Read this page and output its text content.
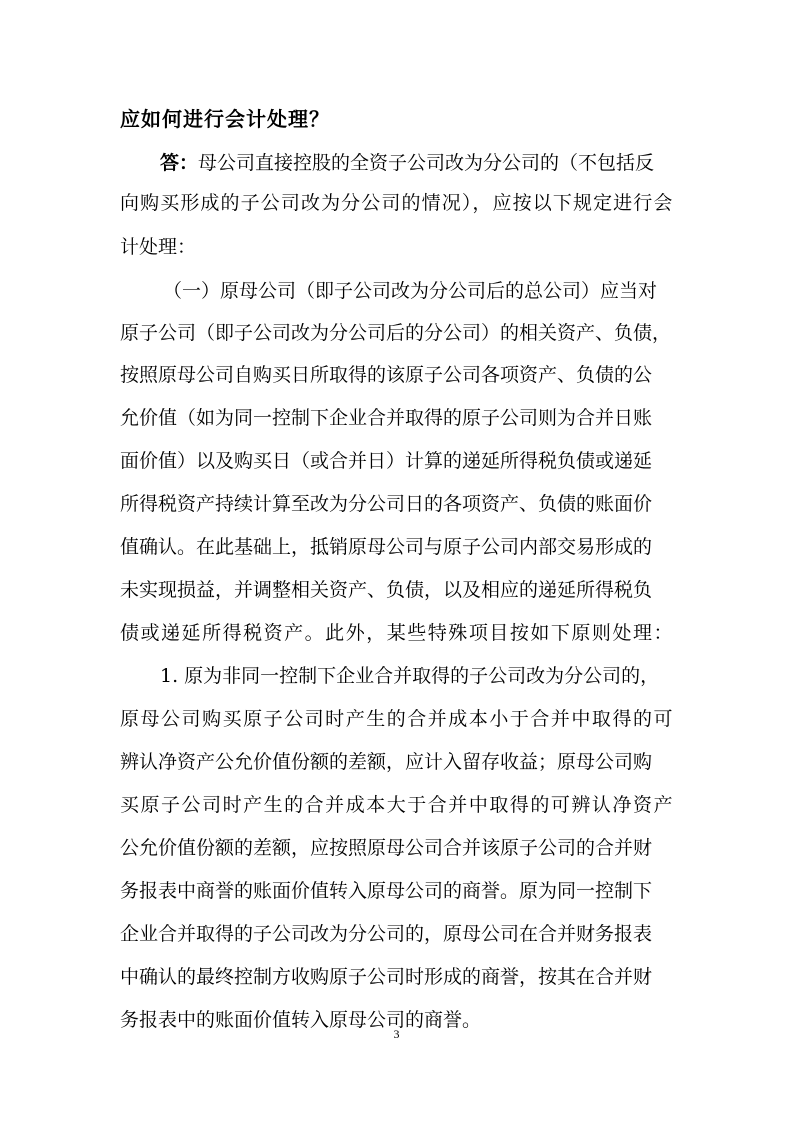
应如何进行会计处理？
答：母公司直接控股的全资子公司改为分公司的（不包括反
向购买形成的子公司改为分公司的情况），应按以下规定进行会
计处理：
（一）原母公司（即子公司改为分公司后的总公司）应当对
原子公司（即子公司改为分公司后的分公司）的相关资产、负债，
按照原母公司自购买日所取得的该原子公司各项资产、负债的公
允价值（如为同一控制下企业合并取得的原子公司则为合并日账
面价值）以及购买日（或合并日）计算的递延所得税负债或递延
所得税资产持续计算至改为分公司日的各项资产、负债的账面价
值确认。在此基础上，抵销原母公司与原子公司内部交易形成的
未实现损益，并调整相关资产、负债，以及相应的递延所得税负
债或递延所得税资产。此外，某些特殊项目按如下原则处理：
1. 原为非同一控制下企业合并取得的子公司改为分公司的，
原母公司购买原子公司时产生的合并成本小于合并中取得的可
辨认净资产公允价值份额的差额，应计入留存收益；原母公司购
买原子公司时产生的合并成本大于合并中取得的可辨认净资产
公允价值份额的差额，应按照原母公司合并该原子公司的合并财
务报表中商誉的账面价值转入原母公司的商誉。原为同一控制下
企业合并取得的子公司改为分公司的，原母公司在合并财务报表
中确认的最终控制方收购原子公司时形成的商誉，按其在合并财
务报表中的账面价值转入原母公司的商誉。
3
